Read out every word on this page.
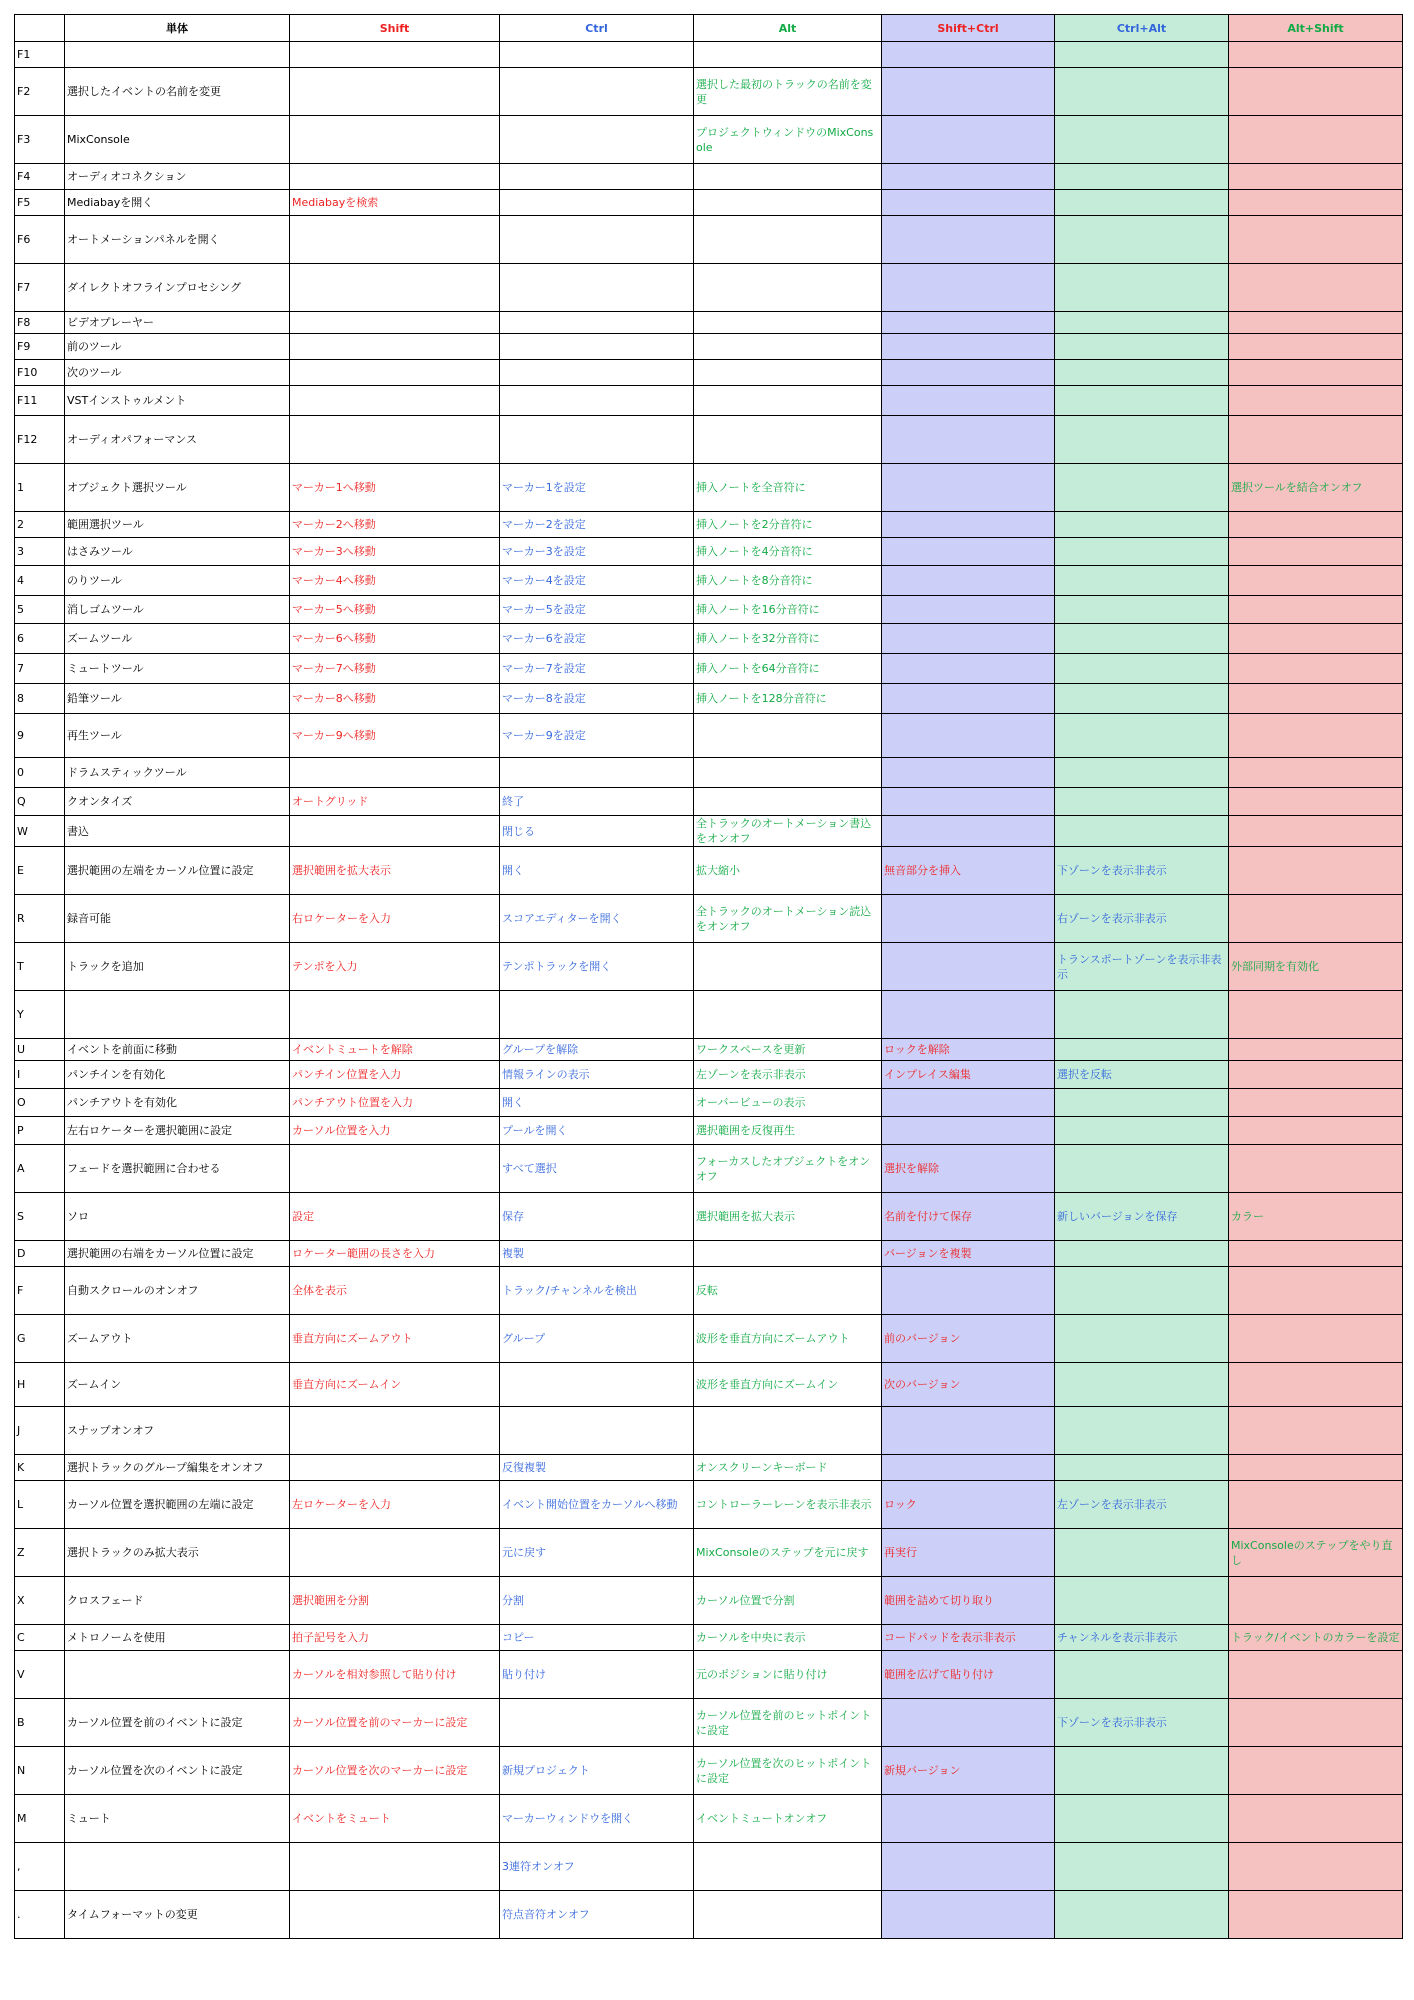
	単体	Shift	Ctrl	Alt	Shift+Ctrl	Ctrl+Alt	Alt+Shift
F1							
F2	選択したイベントの名前を変更			選択した最初のトラックの名前を変更			
F3	MixConsole			プロジェクトウィンドウのMixConsole			
F4	オーディオコネクション						
F5	Mediabayを開く	Mediabayを検索					
F6	オートメーションパネルを開く						
F7	ダイレクトオフラインプロセシング						
F8	ビデオプレーヤー						
F9	前のツール						
F10	次のツール						
F11	VSTインストゥルメント						
F12	オーディオパフォーマンス						
1	オブジェクト選択ツール	マーカー1へ移動	マーカー1を設定	挿入ノートを全音符に			選択ツールを結合オンオフ
2	範囲選択ツール	マーカー2へ移動	マーカー2を設定	挿入ノートを2分音符に			
3	はさみツール	マーカー3へ移動	マーカー3を設定	挿入ノートを4分音符に			
4	のりツール	マーカー4へ移動	マーカー4を設定	挿入ノートを8分音符に			
5	消しゴムツール	マーカー5へ移動	マーカー5を設定	挿入ノートを16分音符に			
6	ズームツール	マーカー6へ移動	マーカー6を設定	挿入ノートを32分音符に			
7	ミュートツール	マーカー7へ移動	マーカー7を設定	挿入ノートを64分音符に			
8	鉛筆ツール	マーカー8へ移動	マーカー8を設定	挿入ノートを128分音符に			
9	再生ツール	マーカー9へ移動	マーカー9を設定				
0	ドラムスティックツール						
Q	クオンタイズ	オートグリッド	終了				
W	書込		閉じる	全トラックのオートメーション書込をオンオフ			
E	選択範囲の左端をカーソル位置に設定	選択範囲を拡大表示	開く	拡大縮小	無音部分を挿入	下ゾーンを表示非表示	
R	録音可能	右ロケーターを入力	スコアエディターを開く	全トラックのオートメーション読込をオンオフ		右ゾーンを表示非表示	
T	トラックを追加	テンポを入力	テンポトラックを開く			トランスポートゾーンを表示非表示	外部同期を有効化
Y							
U	イベントを前面に移動	イベントミュートを解除	グループを解除	ワークスペースを更新	ロックを解除		
I	パンチインを有効化	パンチイン位置を入力	情報ラインの表示	左ゾーンを表示非表示	インプレイス編集	選択を反転	
O	パンチアウトを有効化	パンチアウト位置を入力	開く	オーバービューの表示			
P	左右ロケーターを選択範囲に設定	カーソル位置を入力	プールを開く	選択範囲を反復再生			
A	フェードを選択範囲に合わせる		すべて選択	フォーカスしたオブジェクトをオンオフ	選択を解除		
S	ソロ	設定	保存	選択範囲を拡大表示	名前を付けて保存	新しいバージョンを保存	カラー
D	選択範囲の右端をカーソル位置に設定	ロケーター範囲の長さを入力	複製		バージョンを複製		
F	自動スクロールのオンオフ	全体を表示	トラック/チャンネルを検出	反転			
G	ズームアウト	垂直方向にズームアウト	グループ	波形を垂直方向にズームアウト	前のバージョン		
H	ズームイン	垂直方向にズームイン		波形を垂直方向にズームイン	次のバージョン		
J	スナップオンオフ						
K	選択トラックのグループ編集をオンオフ		反復複製	オンスクリーンキーボード			
L	カーソル位置を選択範囲の左端に設定	左ロケーターを入力	イベント開始位置をカーソルへ移動	コントローラーレーンを表示非表示	ロック	左ゾーンを表示非表示	
Z	選択トラックのみ拡大表示		元に戻す	MixConsoleのステップを元に戻す	再実行		MixConsoleのステップをやり直し
X	クロスフェード	選択範囲を分割	分割	カーソル位置で分割	範囲を詰めて切り取り		
C	メトロノームを使用	拍子記号を入力	コピー	カーソルを中央に表示	コードパッドを表示非表示	チャンネルを表示非表示	トラック/イベントのカラーを設定
V		カーソルを相対参照して貼り付け	貼り付け	元のポジションに貼り付け	範囲を広げて貼り付け		
B	カーソル位置を前のイベントに設定	カーソル位置を前のマーカーに設定		カーソル位置を前のヒットポイントに設定		下ゾーンを表示非表示	
N	カーソル位置を次のイベントに設定	カーソル位置を次のマーカーに設定	新規プロジェクト	カーソル位置を次のヒットポイントに設定	新規バージョン		
M	ミュート	イベントをミュート	マーカーウィンドウを開く	イベントミュートオンオフ			
,			3連符オンオフ				
.	タイムフォーマットの変更		符点音符オンオフ				
